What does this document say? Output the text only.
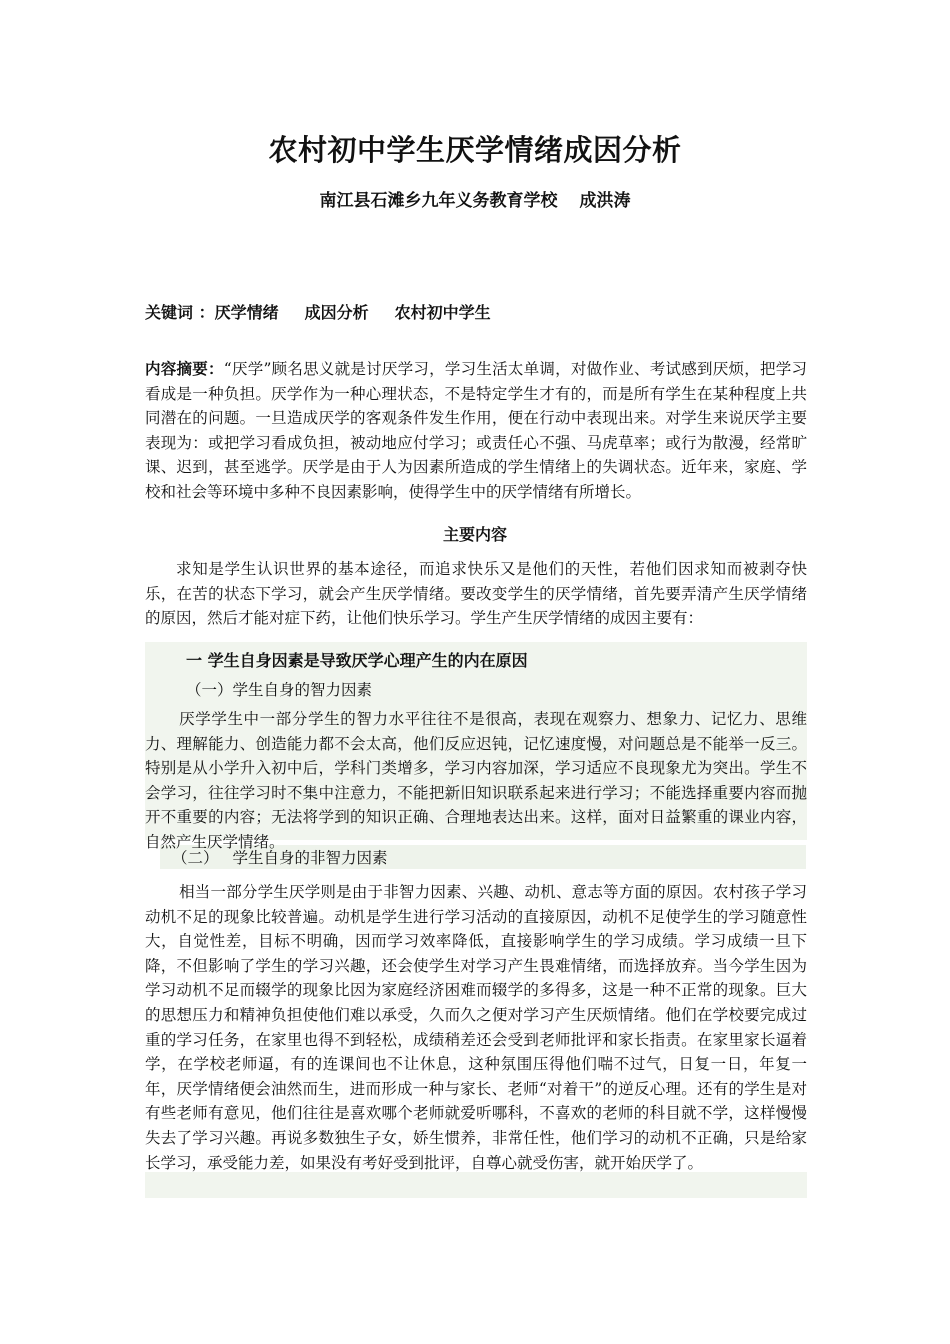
农村初中学生厌学情绪成因分析
南江县石滩乡九年义务教育学校 成洪涛
关键词 ：厌学情绪 成因分析 农村初中学生
内容摘要：“厌学”顾名思义就是讨厌学习，学习生活太单调，对做作业、考试感到厌烦，把学习看成是一种负担。厌学作为一种心理状态，不是特定学生才有的，而是所有学生在某种程度上共同潜在的问题。一旦造成厌学的客观条件发生作用，便在行动中表现出来。对学生来说厌学主要表现为：或把学习看成负担，被动地应付学习；或责任心不强、马虎草率；或行为散漫，经常旷课、迟到，甚至逃学。厌学是由于人为因素所造成的学生情绪上的失调状态。近年来，家庭、学校和社会等环境中多种不良因素影响，使得学生中的厌学情绪有所增长。
主要内容
求知是学生认识世界的基本途径，而追求快乐又是他们的天性，若他们因求知而被剥夺快乐，在苦的状态下学习，就会产生厌学情绪。要改变学生的厌学情绪，首先要弄清产生厌学情绪的原因，然后才能对症下药，让他们快乐学习。学生产生厌学情绪的成因主要有：
一 学生自身因素是导致厌学心理产生的内在原因
（一）学生自身的智力因素
厌学学生中一部分学生的智力水平往往不是很高，表现在观察力、想象力、记忆力、思维力、理解能力、创造能力都不会太高，他们反应迟钝，记忆速度慢，对问题总是不能举一反三。特别是从小学升入初中后，学科门类增多，学习内容加深，学习适应不良现象尤为突出。学生不会学习，往往学习时不集中注意力，不能把新旧知识联系起来进行学习；不能选择重要内容而抛开不重要的内容；无法将学到的知识正确、合理地表达出来。这样，面对日益繁重的课业内容，自然产生厌学情绪。
（二） 学生自身的非智力因素
相当一部分学生厌学则是由于非智力因素、兴趣、动机、意志等方面的原因。农村孩子学习动机不足的现象比较普遍。动机是学生进行学习活动的直接原因，动机不足使学生的学习随意性大，自觉性差，目标不明确，因而学习效率降低，直接影响学生的学习成绩。学习成绩一旦下降，不但影响了学生的学习兴趣，还会使学生对学习产生畏难情绪，而选择放弃。当今学生因为学习动机不足而辍学的现象比因为家庭经济困难而辍学的多得多，这是一种不正常的现象。巨大的思想压力和精神负担使他们难以承受，久而久之便对学习产生厌烦情绪。他们在学校要完成过重的学习任务，在家里也得不到轻松，成绩稍差还会受到老师批评和家长指责。在家里家长逼着学，在学校老师逼，有的连课间也不让休息，这种氛围压得他们喘不过气，日复一日，年复一年，厌学情绪便会油然而生，进而形成一种与家长、老师“对着干”的逆反心理。还有的学生是对有些老师有意见，他们往往是喜欢哪个老师就爱听哪科，不喜欢的老师的科目就不学，这样慢慢失去了学习兴趣。再说多数独生子女，娇生惯养，非常任性，他们学习的动机不正确，只是给家长学习，承受能力差，如果没有考好受到批评，自尊心就受伤害，就开始厌学了。
